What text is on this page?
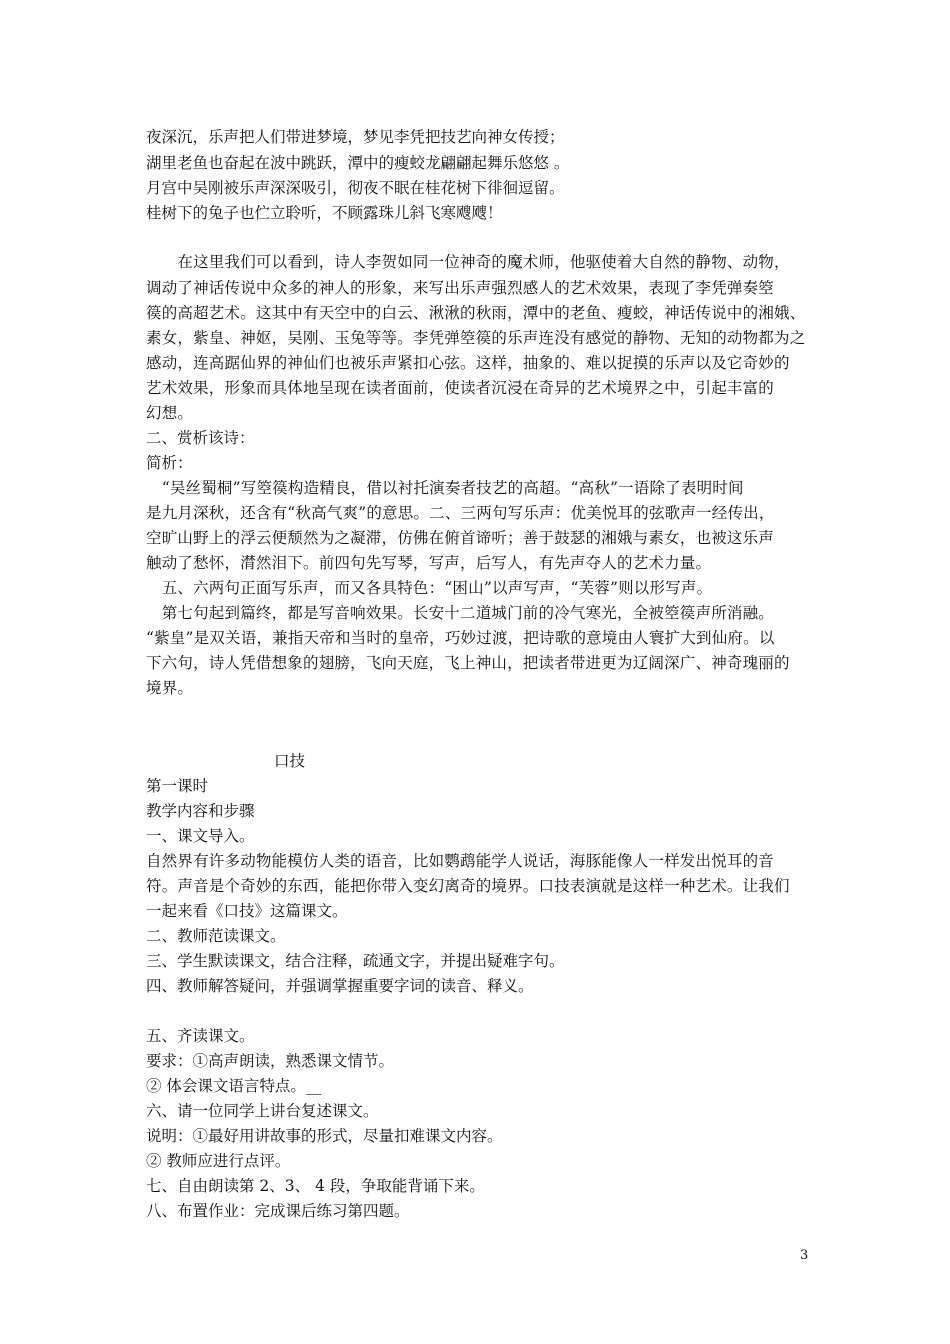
夜深沉，乐声把人们带进梦境，梦见李凭把技艺向神女传授；
湖里老鱼也奋起在波中跳跃，潭中的瘦蛟龙翩翩起舞乐悠悠 。
月宫中吴刚被乐声深深吸引，彻夜不眠在桂花树下徘徊逗留。
桂树下的兔子也伫立聆听，不顾露珠儿斜飞寒飕飕！
　　在这里我们可以看到，诗人李贺如同一位神奇的魔术师，他驱使着大自然的静物、动物，
调动了神话传说中众多的神人的形象，来写出乐声强烈感人的艺术效果，表现了李凭弹奏箜
篌的高超艺术。这其中有天空中的白云、湫湫的秋雨，潭中的老鱼、瘦蛟，神话传说中的湘娥、
素女，紫皇、神妪，吴刚、玉兔等等。李凭弹箜篌的乐声连没有感觉的静物、无知的动物都为之
感动，连高踞仙界的神仙们也被乐声紧扣心弦。这样，抽象的、难以捉摸的乐声以及它奇妙的
艺术效果，形象而具体地呈现在读者面前，使读者沉浸在奇异的艺术境界之中，引起丰富的
幻想。
二、赏析该诗：
简析：
　“吴丝蜀桐”写箜篌构造精良，借以衬托演奏者技艺的高超。“高秋”一语除了表明时间
是九月深秋，还含有“秋高气爽”的意思。二、三两句写乐声：优美悦耳的弦歌声一经传出，
空旷山野上的浮云便颓然为之凝滞，仿佛在俯首谛听；善于鼓瑟的湘娥与素女，也被这乐声
触动了愁怀，潸然泪下。前四句先写琴，写声，后写人，有先声夺人的艺术力量。
　五、六两句正面写乐声，而又各具特色：“困山”以声写声，“芙蓉”则以形写声。
　第七句起到篇终，都是写音响效果。长安十二道城门前的冷气寒光，全被箜篌声所消融。
“紫皇”是双关语，兼指天帝和当时的皇帝，巧妙过渡，把诗歌的意境由人寰扩大到仙府。以
下六句，诗人凭借想象的翅膀，飞向天庭，飞上神山，把读者带进更为辽阔深广、神奇瑰丽的
境界。
口技
第一课时
教学内容和步骤
一、课文导入。
自然界有许多动物能模仿人类的语音，比如鹦鹉能学人说话，海豚能像人一样发出悦耳的音
符。声音是个奇妙的东西，能把你带入变幻离奇的境界。口技表演就是这样一种艺术。让我们
一起来看《口技》这篇课文。
二、教师范读课文。
三、学生默读课文，结合注释，疏通文字，并提出疑难字句。
四、教师解答疑问，并强调掌握重要字词的读音、释义。
五、齐读课文。
要求：①高声朗读，熟悉课文情节。
② 体会课文语言特点。__
六、请一位同学上讲台复述课文。
说明：①最好用讲故事的形式，尽量扣难课文内容。
② 教师应进行点评。
七、自由朗读第 2、3、 4 段，争取能背诵下来。
八、布置作业：完成课后练习第四题。
3
